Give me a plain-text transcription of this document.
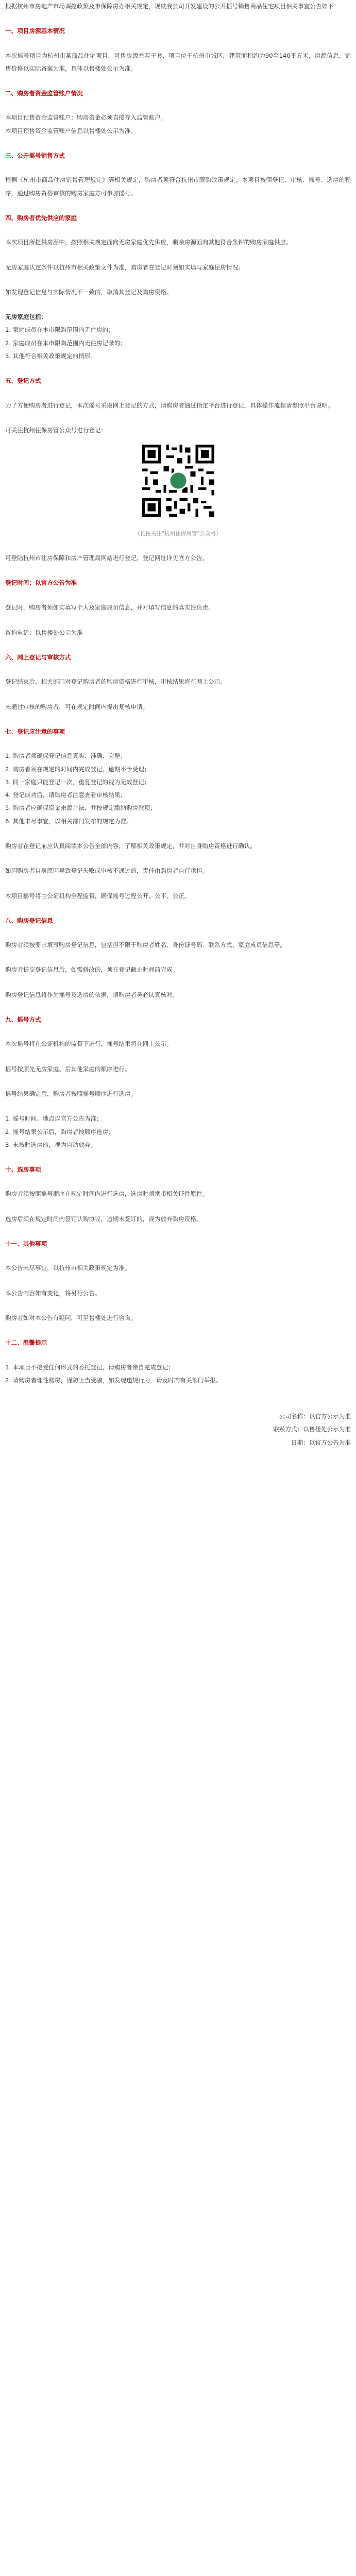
根据杭州市房地产市场调控政策及市保障房办相关规定，现就我公司开发建设的公开摇号销售商品住宅项目相关事宜公告如下：

一、项目房源基本情况

本次摇号项目为杭州市某商品住宅项目，可售房源共若干套，项目位于杭州市城区，建筑面积约为90至140平方米，房源信息、销售价格以实际备案为准，具体以售楼处公示为准。

二、购房者资金监管账户情况

本项目预售资金监管账户：购房资金必须直接存入监管账户。

本项目预售资金监管账户信息以售楼处公示为准。

三、公开摇号销售方式

根据《杭州市商品住房销售管理规定》等相关规定，购房者须符合杭州市限购政策规定。本项目按照登记、审核、摇号、选房的程序，通过购房资格审核的购房家庭方可参加摇号。

四、购房者优先供应的家庭

本次项目所提供房源中，按照相关规定面向无房家庭优先供应，剩余房源面向其他符合条件的购房家庭供应。

无房家庭认定条件以杭州市相关政策文件为准，购房者在登记时须如实填写家庭住房情况。

如发现登记信息与实际情况不一致的，取消其登记及购房资格。

无房家庭包括：

1. 家庭成员在本市限购范围内无住房的；

2. 家庭成员在本市限购范围内无住房记录的；

3. 其他符合相关政策规定的情形。

五、登记方式

为了方便购房者进行登记，本次摇号采取网上登记的方式，请购房者通过指定平台进行登记，具体操作流程请参照平台说明。

可关注杭州住保房管公众号进行登记：

（长按关注“杭州住保房管”公众号）

可登陆杭州市住房保障和房产管理局网站进行登记，登记网址详见官方公告。

登记时间：以官方公告为准

登记时，购房者须如实填写个人及家庭成员信息，并对填写信息的真实性负责。

咨询电话：以售楼处公示为准

六、网上登记与审核方式

登记结束后，相关部门对登记购房者的购房资格进行审核，审核结果将在网上公示。

未通过审核的购房者，可在规定时间内提出复核申请。

七、登记应注意的事项

1. 购房者须确保登记信息真实、准确、完整；

2. 购房者须在规定的时间内完成登记，逾期不予受理；

3. 同一家庭只能登记一次，重复登记的视为无效登记；

4. 登记成功后，请购房者注意查看审核结果；

5. 购房者应确保资金来源合法，并按规定缴纳购房款项；

6. 其他未尽事宜，以相关部门发布的规定为准。

购房者在登记前应认真阅读本公告全部内容，了解相关政策规定，并对自身购房资格进行确认。

如因购房者自身原因导致登记失败或审核不通过的，责任由购房者自行承担。

本项目摇号将由公证机构全程监督，确保摇号过程公开、公平、公正。

八、购房登记信息

购房者须按要求填写购房登记信息，包括但不限于购房者姓名、身份证号码、联系方式、家庭成员信息等。

购房者提交登记信息后，如需修改的，须在登记截止时间前完成。

购房登记信息将作为摇号及选房的依据，请购房者务必认真核对。

九、摇号方式

本次摇号将在公证机构的监督下进行，摇号结果将在网上公示。

摇号按照先无房家庭、后其他家庭的顺序进行。

摇号结果确定后，购房者按照摇号顺序进行选房。

1. 摇号时间、地点以官方公告为准；

2. 摇号结果公示后，购房者按顺序选房；

3. 未按时选房的，视为自动放弃。

十、选房事项

购房者须按照摇号顺序在规定时间内进行选房，选房时须携带相关证件原件。

选房后须在规定时间内签订认购协议，逾期未签订的，视为放弃购房资格。

十一、其他事项

本公告未尽事宜，以杭州市相关政策规定为准。

本公告内容如有变化，将另行公告。

购房者如对本公告有疑问，可至售楼处进行咨询。

十二、温馨提示

1. 本项目不接受任何形式的委托登记，请购房者亲自完成登记；

2. 请购房者理性购房，谨防上当受骗，如发现违规行为，请及时向有关部门举报。

公司名称：以官方公示为准

联系方式：以售楼处公示为准

日期：以官方公告为准
